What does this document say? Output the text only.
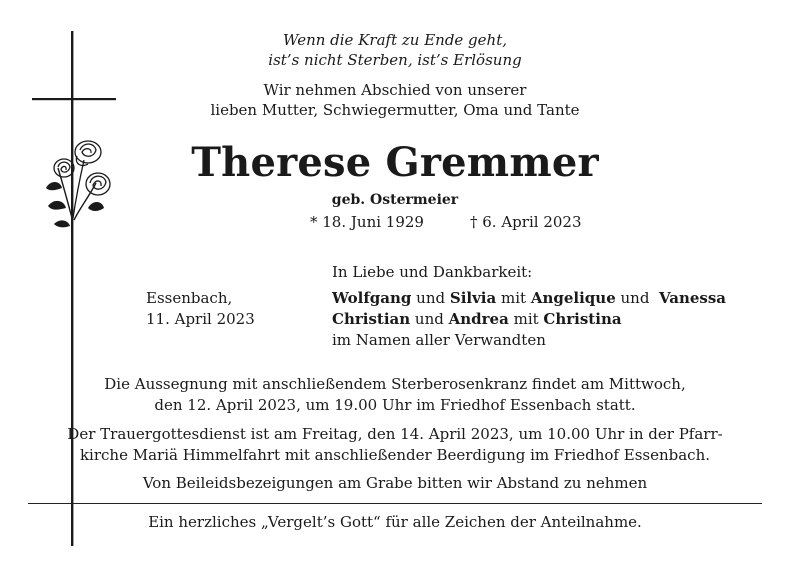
Wenn die Kraft zu Ende geht,
ist’s nicht Sterben, ist’s Erlösung
Wir nehmen Abschied von unserer
lieben Mutter, Schwiegermutter, Oma und Tante
Therese Gremmer
geb. Ostermeier
* 18. Juni 1929	† 6. April 2023
Essenbach,
11. April 2023
In Liebe und Dankbarkeit:
Wolfgang und Silvia mit Angelique und  Vanessa
Christian und Andrea mit Christina
im Namen aller Verwandten
Die Aussegnung mit anschließendem Sterberosenkranz findet am Mittwoch,
den 12. April 2023, um 19.00 Uhr im Friedhof Essenbach statt.
Der Trauergottesdienst ist am Freitag, den 14. April 2023, um 10.00 Uhr in der Pfarr-
kirche Mariä Himmelfahrt mit anschließender Beerdigung im Friedhof Essenbach.
Von Beileidsbezeigungen am Grabe bitten wir Abstand zu nehmen
Ein herzliches „Vergelt’s Gott“ für alle Zeichen der Anteilnahme.
